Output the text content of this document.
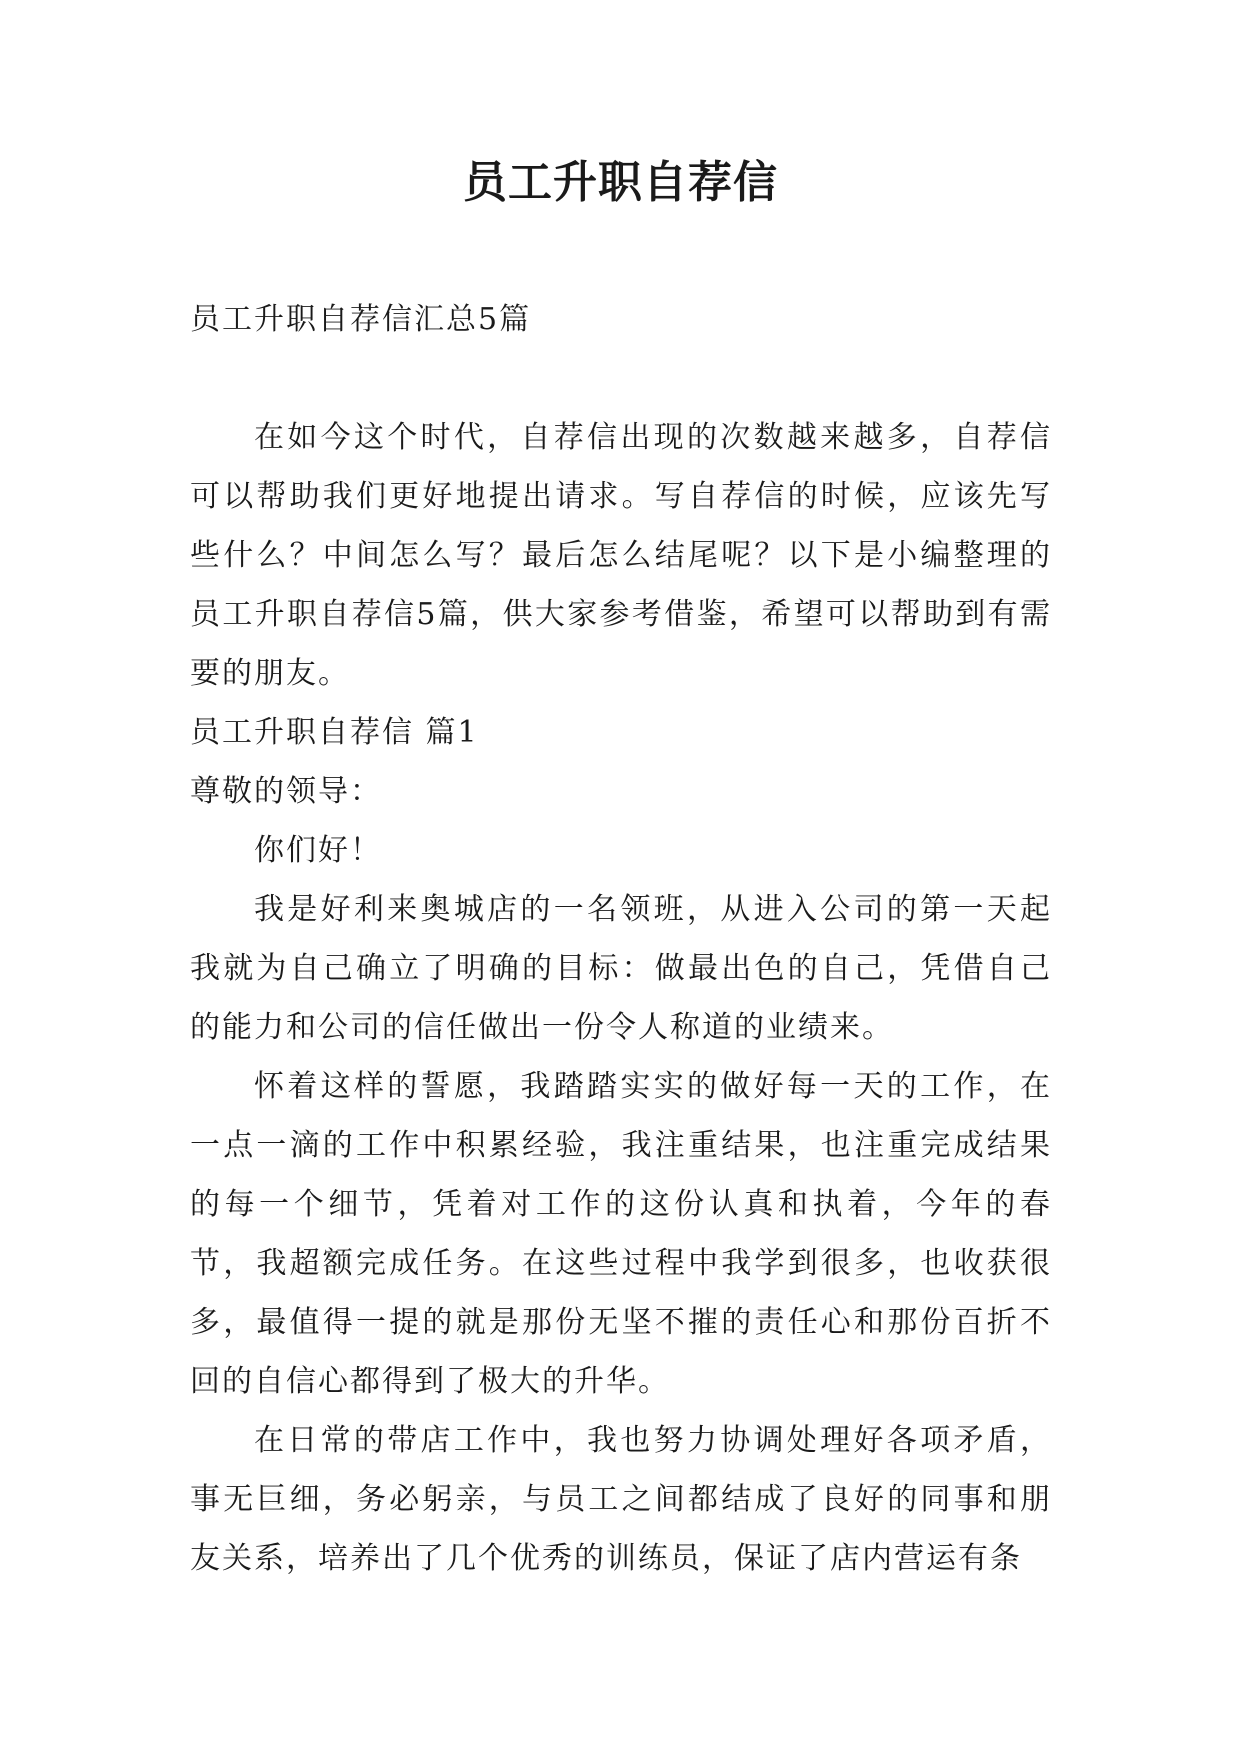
员工升职自荐信

员工升职自荐信汇总5篇

在如今这个时代，自荐信出现的次数越来越多，自荐信可以帮助我们更好地提出请求。写自荐信的时候，应该先写些什么？中间怎么写？最后怎么结尾呢？以下是小编整理的员工升职自荐信5篇，供大家参考借鉴，希望可以帮助到有需要的朋友。

员工升职自荐信 篇1

尊敬的领导：

你们好！

我是好利来奥城店的一名领班，从进入公司的第一天起我就为自己确立了明确的目标：做最出色的自己，凭借自己的能力和公司的信任做出一份令人称道的业绩来。

怀着这样的誓愿，我踏踏实实的做好每一天的工作，在一点一滴的工作中积累经验，我注重结果，也注重完成结果的每一个细节，凭着对工作的这份认真和执着，今年的春节，我超额完成任务。在这些过程中我学到很多，也收获很多，最值得一提的就是那份无坚不摧的责任心和那份百折不回的自信心都得到了极大的升华。

在日常的带店工作中，我也努力协调处理好各项矛盾，事无巨细，务必躬亲，与员工之间都结成了良好的同事和朋友关系，培养出了几个优秀的训练员，保证了店内营运有条
